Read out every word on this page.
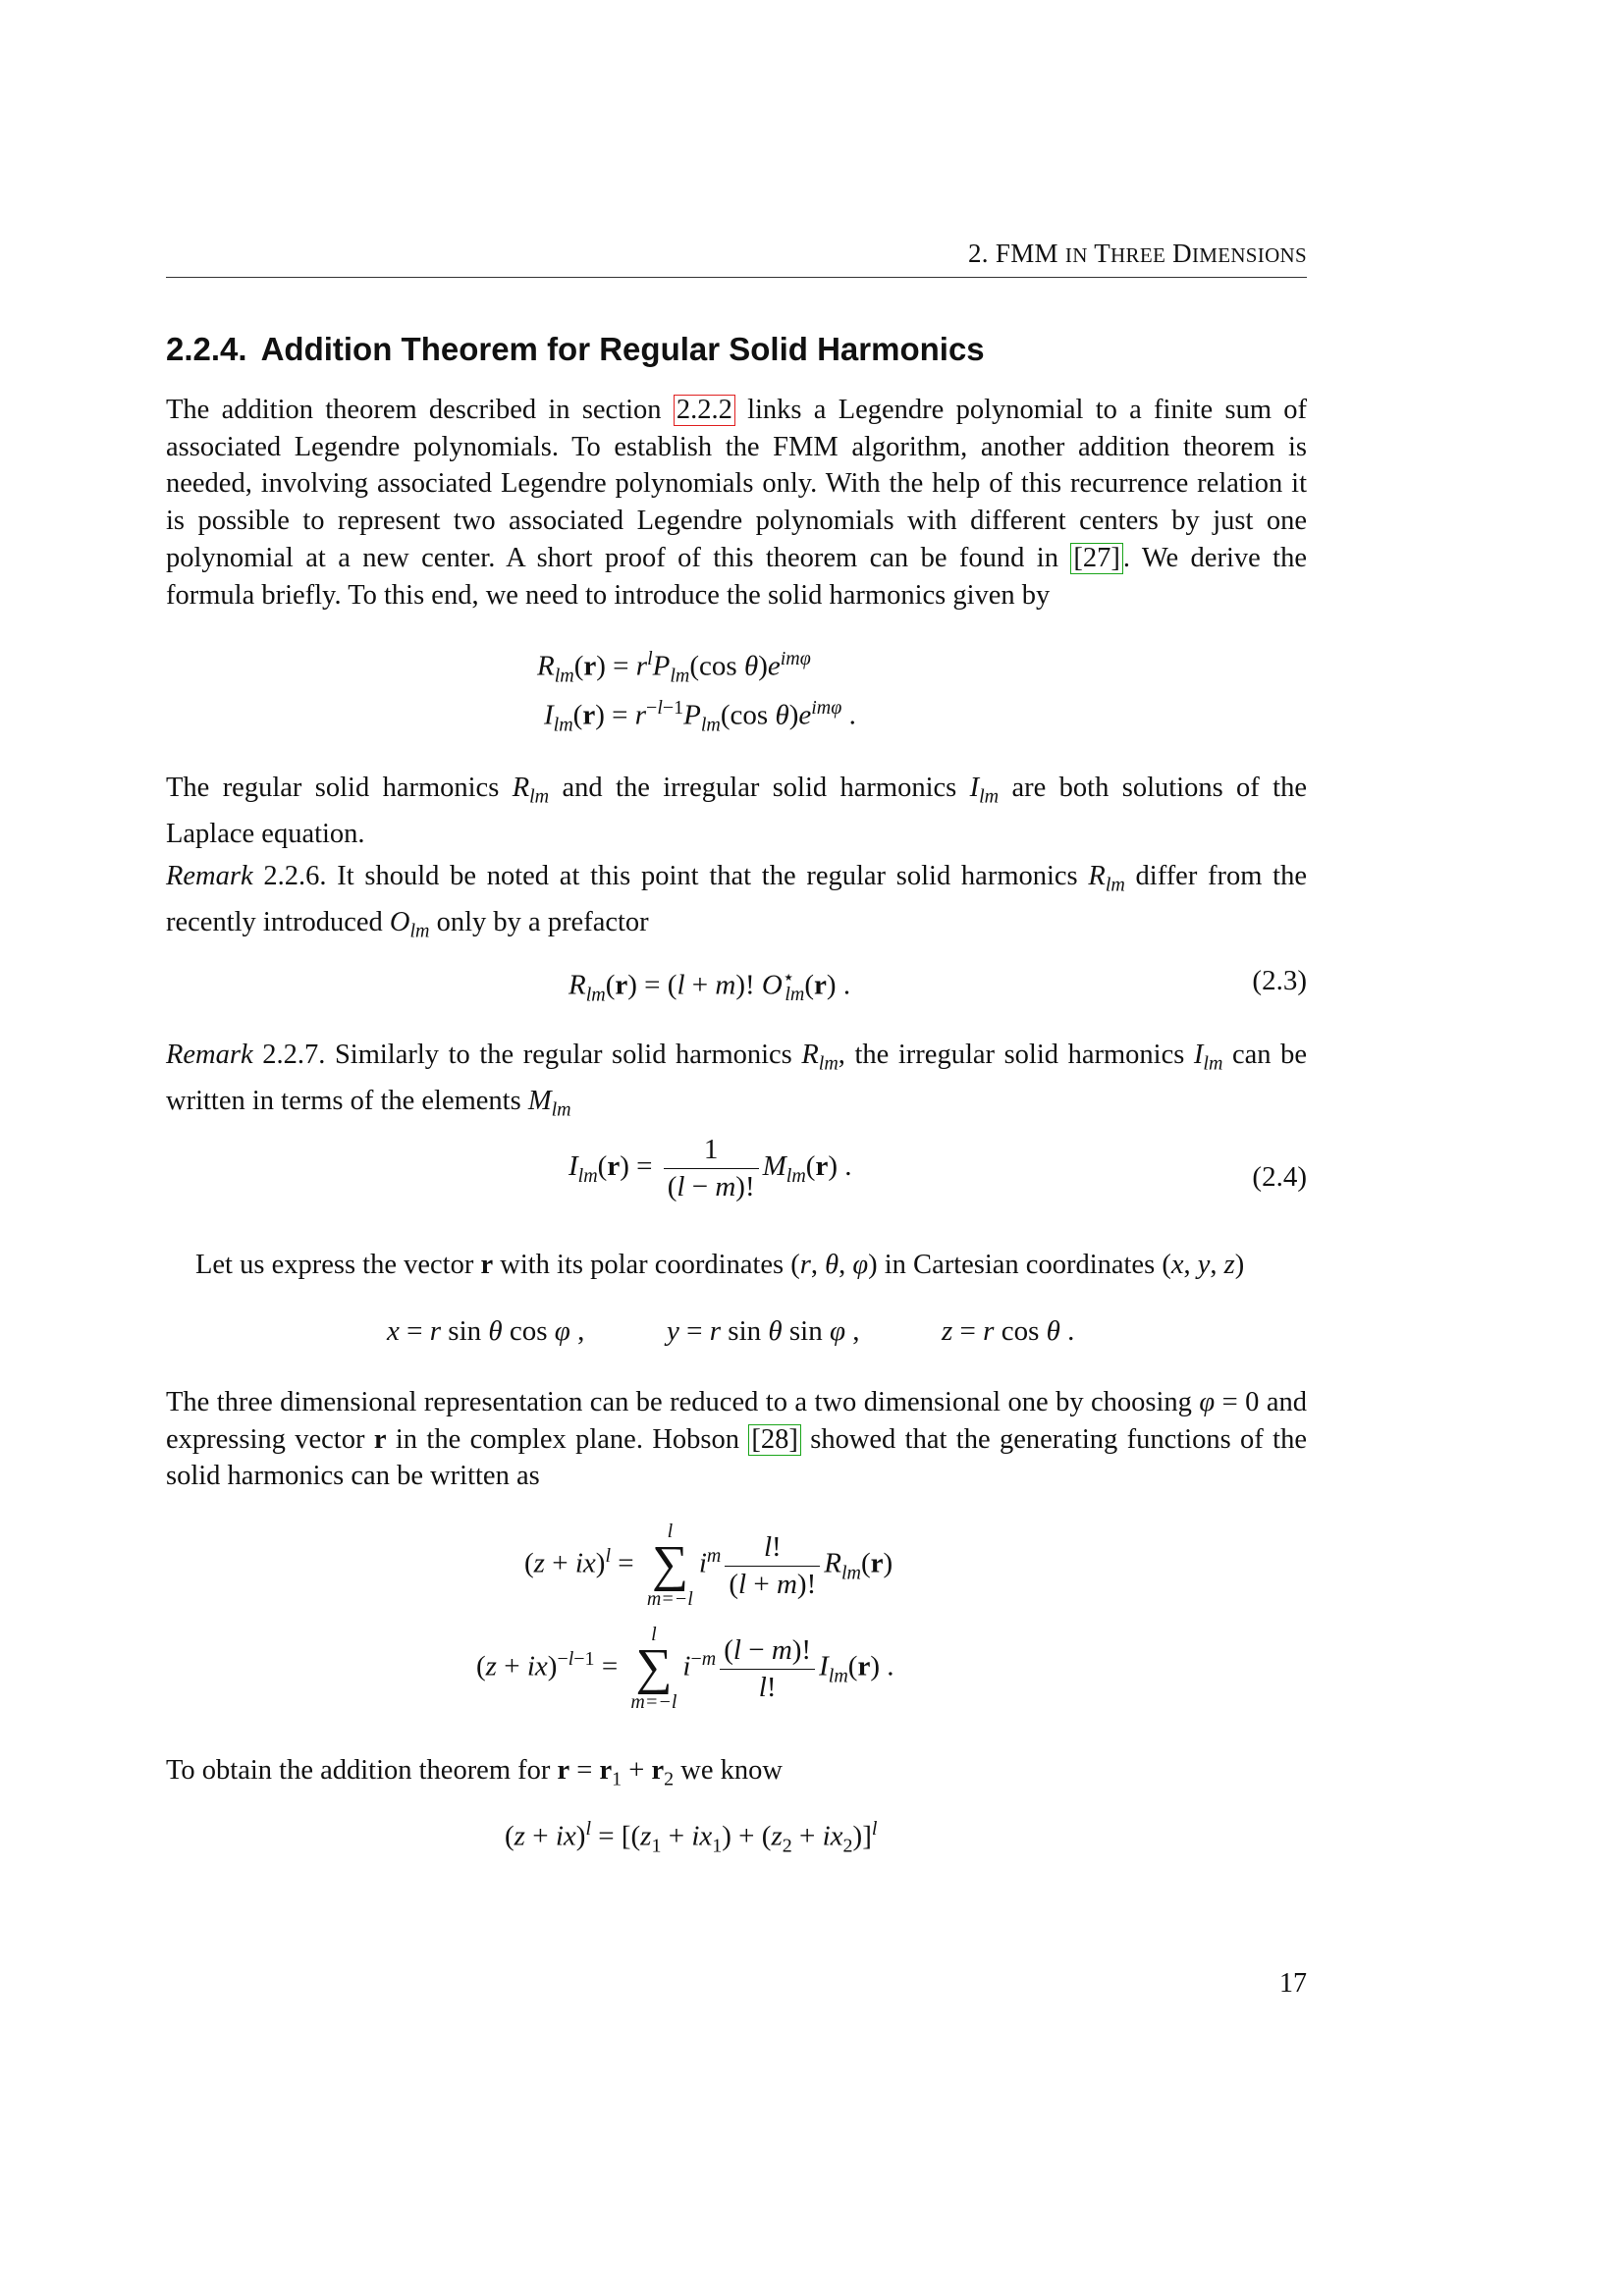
2. FMM IN THREE DIMENSIONS
2.2.4. Addition Theorem for Regular Solid Harmonics

The addition theorem described in section 2.2.2 links a Legendre polynomial to a finite sum of associated Legendre polynomials. To establish the FMM algorithm, another addition theorem is needed, involving associated Legendre polynomials only. With the help of this recurrence relation it is possible to represent two associated Legendre polynomials with different centers by just one polynomial at a new center. A short proof of this theorem can be found in [27] . We derive the formula briefly. To this end, we need to introduce the solid harmonics given by

$R_{lm}(r) = r^lP_{lm}(\cos$ $\theta)e^{im\varphi}$
$I_{lm}(r) = r^{-l-1}P_{lm}(\cos$ $\theta)e^{im\varphi}$ .

The regular solid harmonics $R_{lm}$ and the irregular solid harmonics $I_{lm}$ are both solutions of the Laplace equation.

Remark 2.2.6. It should be noted at this point that the regular solid harmonics $R_{lm}$ differ from the recently introduced $O_{lm}$ only by a prefactor

$R_{lm}(r) = (l + m)$! $O^⋆_{lm}(r)$ .	(2.3)

Remark 2.2.7. Similarly to the regular solid harmonics $R_{lm}$, the irregular solid harmonics $I_{lm}$ can be written in terms of the elements $M_{lm}$

$I_{lm}(r) = \frac{1}{(l - m)!} M_{lm}(r)$ .	(2.4)

Let us express the vector r with its polar coordinates (r, θ, φ) in Cartesian coordinates (x, y, z)

x = r sin θ cos φ ,	y = r sin θ sin φ ,	z = r cos θ .

The three dimensional representation can be reduced to a two dimensional one by choosing φ = 0 and expressing vector r in the complex plane. Hobson [28] showed that the generating functions of the solid harmonics can be written as

(z + ix)$^l$ =
l
∑
m=−l
$i^m \frac{l!}{(l + m)!} R_{lm}(r)$
(z + ix)$^{-l-1}$ =
l
∑
m=−l
$i^{-m} \frac{(l - m)!}{l!} I_{lm}(r)$ .

To obtain the addition theorem for $r = r_1 + r_2$ we know

$(z + ix)^l = [(z_1 + ix_1) + (z_2 + ix_2)]^l$
17
